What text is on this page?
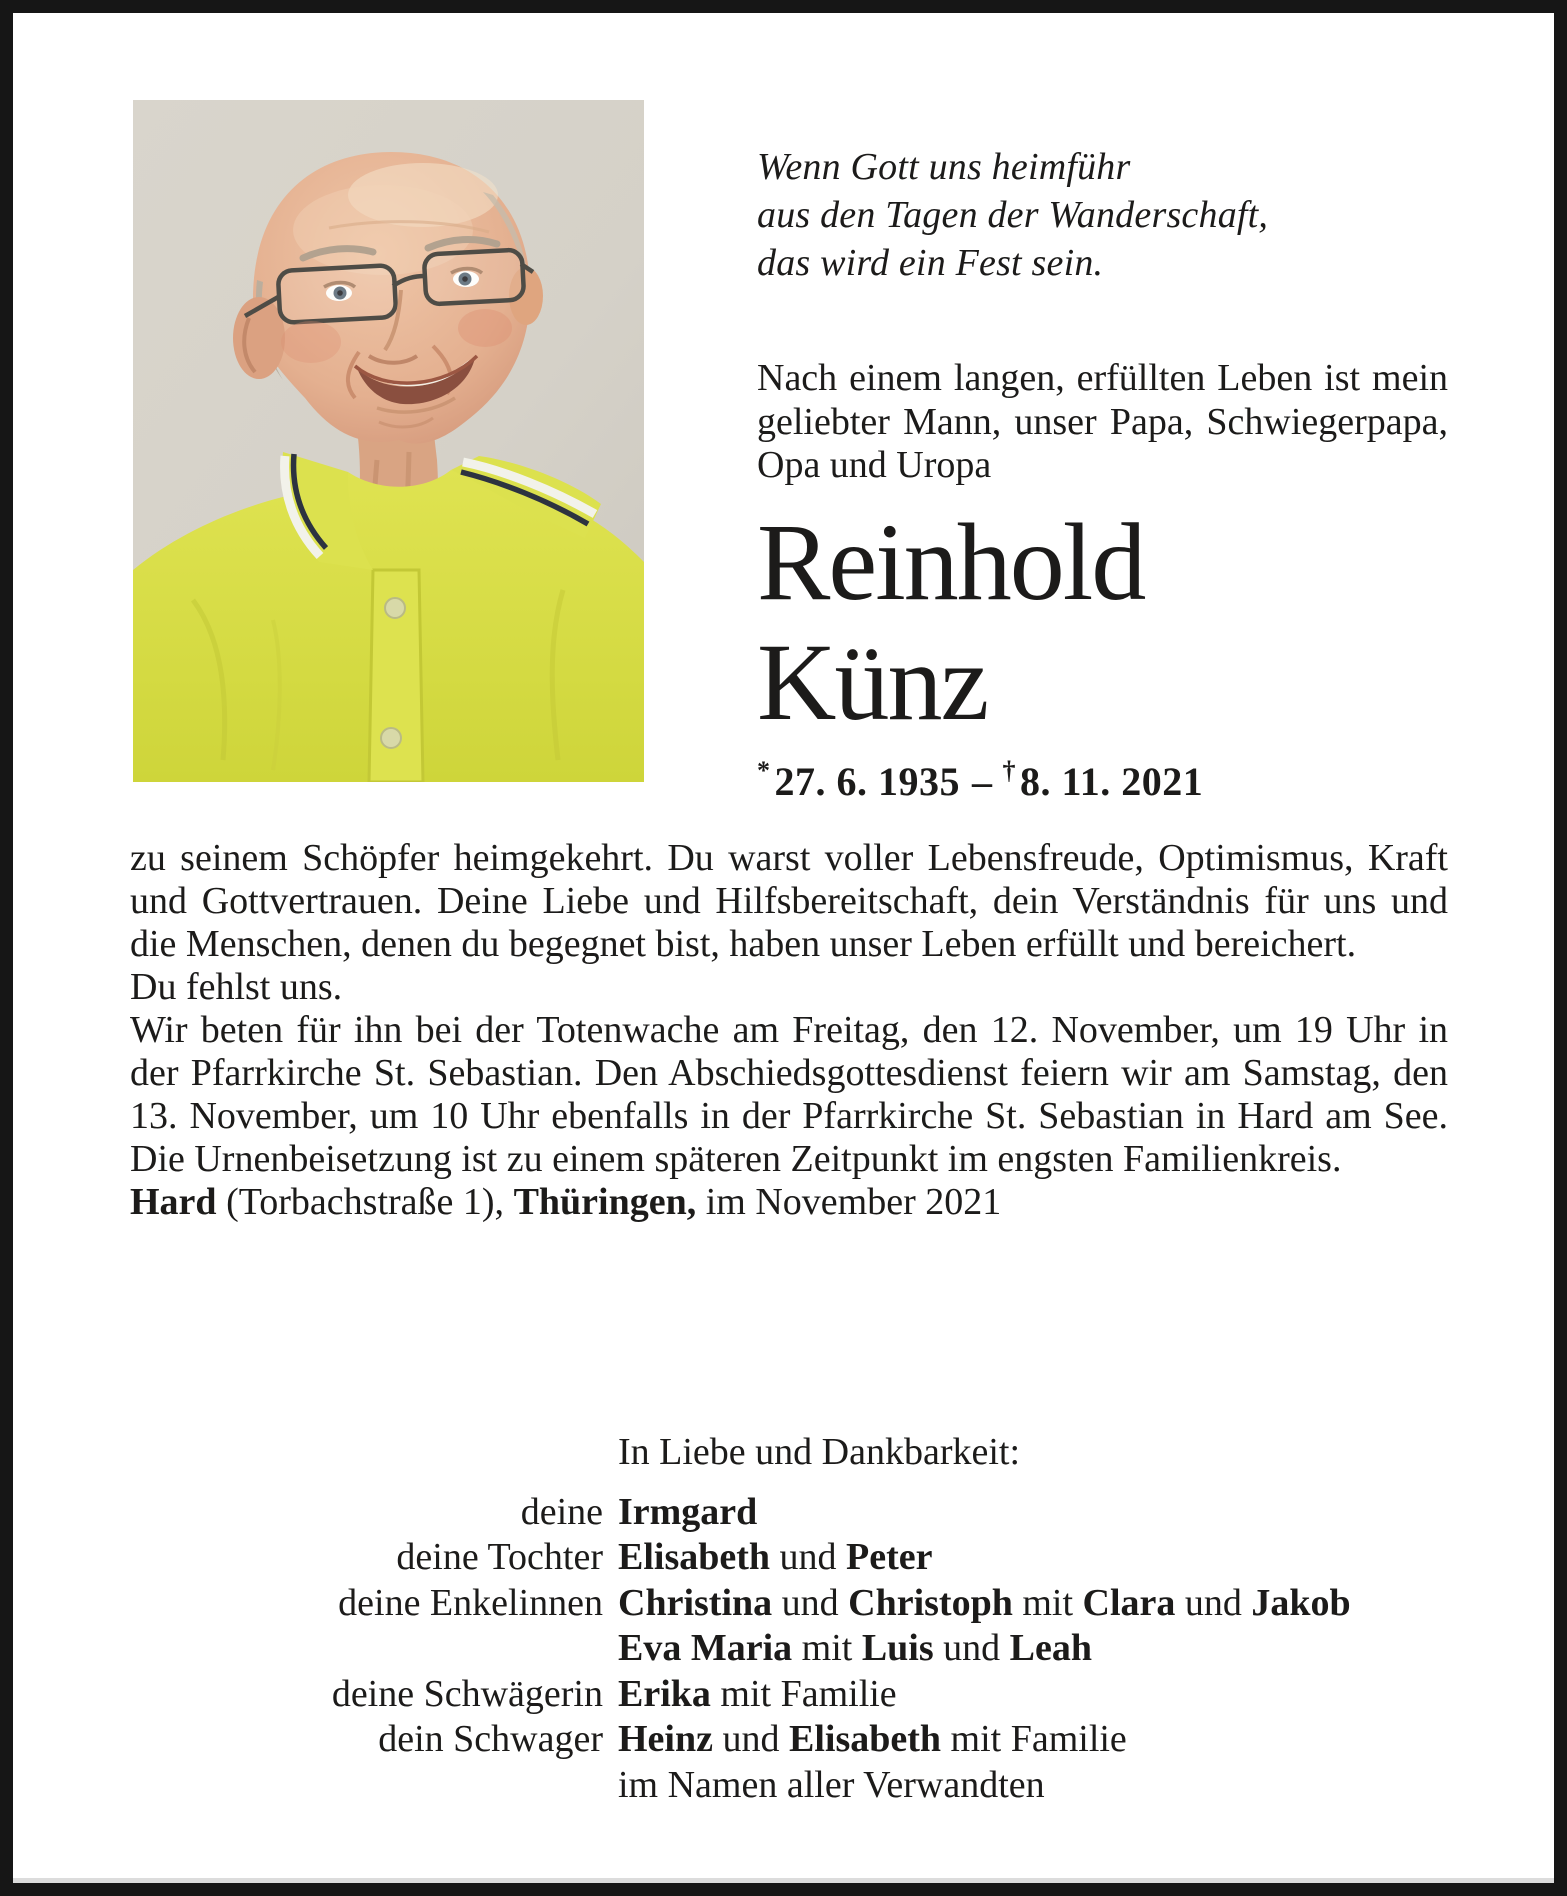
Wenn Gott uns heimführ
aus den Tagen der Wanderschaft,
das wird ein Fest sein.
Nach einem langen, erfüllten Leben ist mein geliebter Mann, unser Papa, Schwiegerpapa, Opa und Uropa
Reinhold
Künz
* 27. 6. 1935 – † 8. 11. 2021

zu seinem Schöpfer heimgekehrt. Du warst voller Lebensfreude, Optimismus, Kraft und Gottvertrauen. Deine Liebe und Hilfsbereitschaft, dein Verständnis für uns und die Menschen, denen du begegnet bist, haben unser Leben erfüllt und bereichert.

Du fehlst uns.

Wir beten für ihn bei der Totenwache am Freitag, den 12. November, um 19 Uhr in der Pfarrkirche St. Sebastian. Den Abschiedsgottesdienst feiern wir am Samstag, den 13. November, um 10 Uhr ebenfalls in der Pfarrkirche St. Sebastian in Hard am See. Die Urnenbeisetzung ist zu einem späteren Zeitpunkt im engsten Familienkreis.

Hard (Torbachstraße 1), Thüringen, im November 2021

In Liebe und Dankbarkeit:
deine Irmgard
deine Tochter Elisabeth und Peter
deine Enkelinnen Christina und Christoph mit Clara und Jakob
Eva Maria mit Luis und Leah
deine Schwägerin Erika mit Familie
dein Schwager Heinz und Elisabeth mit Familie
im Namen aller Verwandten
